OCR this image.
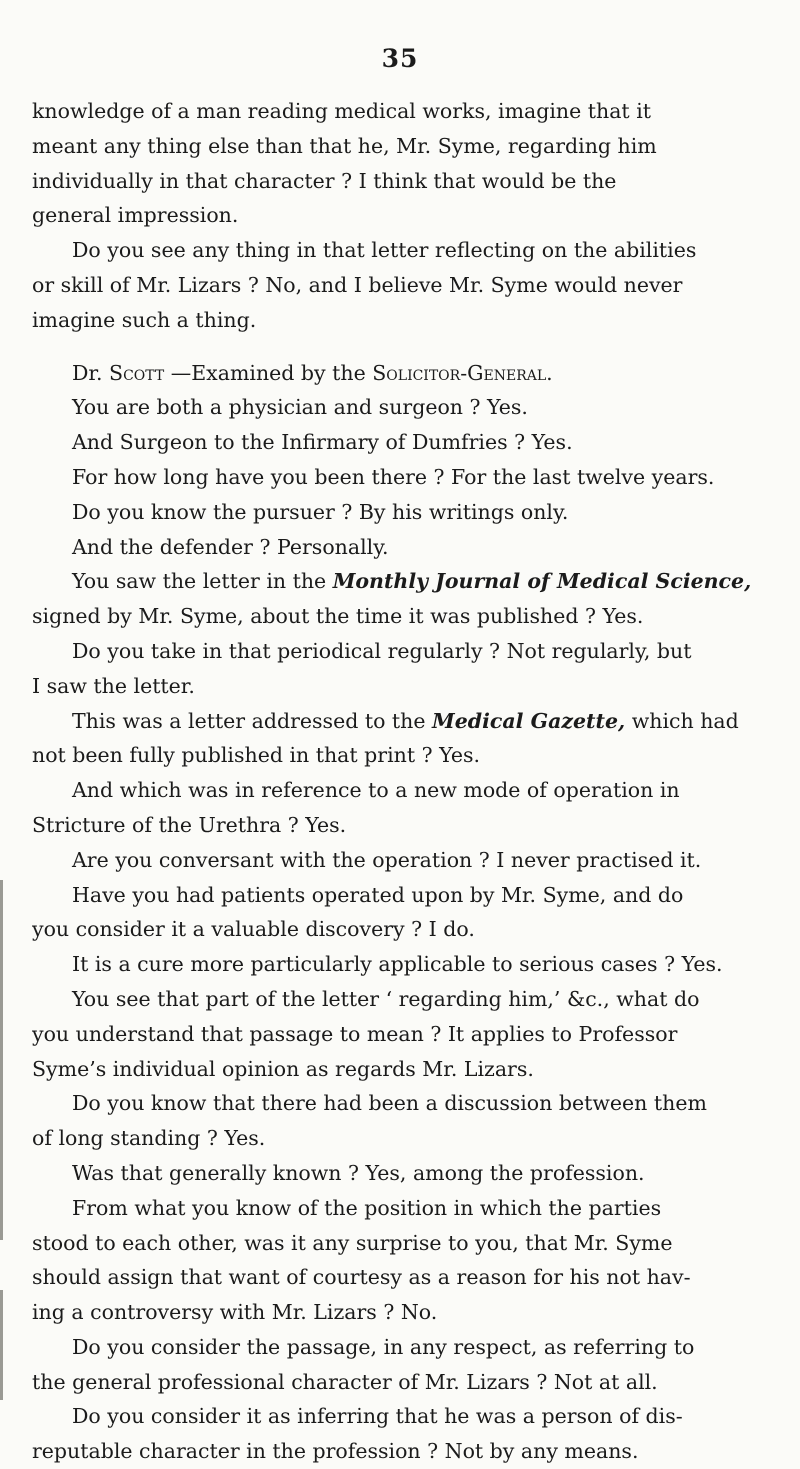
35
knowledge of a man reading medical works, imagine that it
meant any thing else than that he, Mr. Syme, regarding him
individually in that character ? I think that would be the
general impression.
Do you see any thing in that letter reflecting on the abilities
or skill of Mr. Lizars ? No, and I believe Mr. Syme would never
imagine such a thing.
Dr. Scott —Examined by the Solicitor-General.
You are both a physician and surgeon ? Yes.
And Surgeon to the Infirmary of Dumfries ? Yes.
For how long have you been there ? For the last twelve years.
Do you know the pursuer ? By his writings only.
And the defender ? Personally.
You saw the letter in the Monthly Journal of Medical Science,
signed by Mr. Syme, about the time it was published ? Yes.
Do you take in that periodical regularly ? Not regularly, but
I saw the letter.
This was a letter addressed to the Medical Gazette, which had
not been fully published in that print ? Yes.
And which was in reference to a new mode of operation in
Stricture of the Urethra ? Yes.
Are you conversant with the operation ? I never practised it.
Have you had patients operated upon by Mr. Syme, and do
you consider it a valuable discovery ? I do.
It is a cure more particularly applicable to serious cases ? Yes.
You see that part of the letter ‘ regarding him,’ &c., what do
you understand that passage to mean ? It applies to Professor
Syme’s individual opinion as regards Mr. Lizars.
Do you know that there had been a discussion between them
of long standing ? Yes.
Was that generally known ? Yes, among the profession.
From what you know of the position in which the parties
stood to each other, was it any surprise to you, that Mr. Syme
should assign that want of courtesy as a reason for his not hav-
ing a controversy with Mr. Lizars ? No.
Do you consider the passage, in any respect, as referring to
the general professional character of Mr. Lizars ? Not at all.
Do you consider it as inferring that he was a person of dis-
reputable character in the profession ? Not by any means.
